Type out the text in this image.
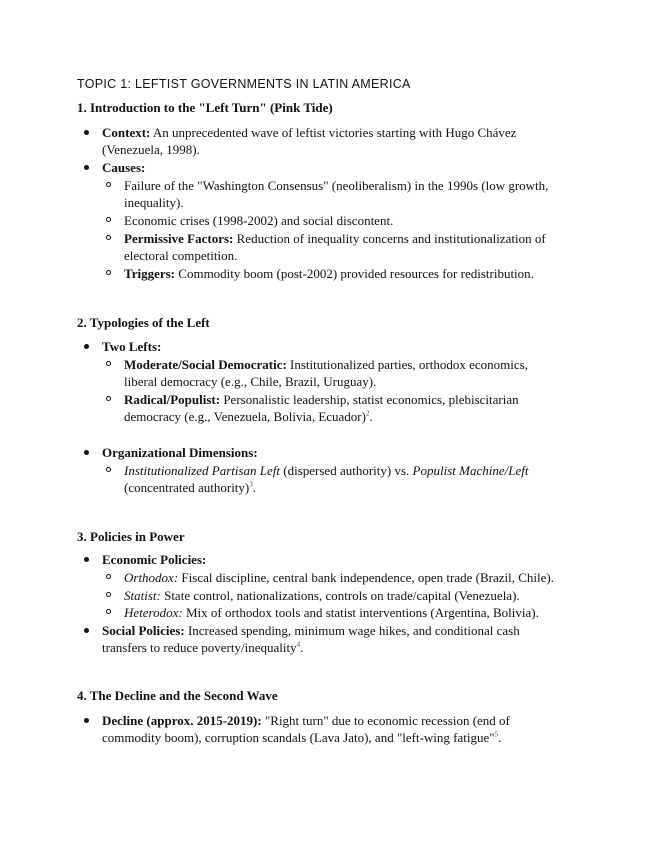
TOPIC 1: LEFTIST GOVERNMENTS IN LATIN AMERICA
1. Introduction to the "Left Turn" (Pink Tide)
Context: An unprecedented wave of leftist victories starting with Hugo Chávez (Venezuela, 1998).
Causes:
Failure of the "Washington Consensus" (neoliberalism) in the 1990s (low growth, inequality).
Economic crises (1998-2002) and social discontent.
Permissive Factors: Reduction of inequality concerns and institutionalization of electoral competition.
Triggers: Commodity boom (post-2002) provided resources for redistribution.
2. Typologies of the Left
Two Lefts:
Moderate/Social Democratic: Institutionalized parties, orthodox economics, liberal democracy (e.g., Chile, Brazil, Uruguay).
Radical/Populist: Personalistic leadership, statist economics, plebiscitarian democracy (e.g., Venezuela, Bolivia, Ecuador)$^2$.
Organizational Dimensions:
Institutionalized Partisan Left (dispersed authority) vs. Populist Machine/Left (concentrated authority)$^3$.
3. Policies in Power
Economic Policies:
Orthodox: Fiscal discipline, central bank independence, open trade (Brazil, Chile).
Statist: State control, nationalizations, controls on trade/capital (Venezuela).
Heterodox: Mix of orthodox tools and statist interventions (Argentina, Bolivia).
Social Policies: Increased spending, minimum wage hikes, and conditional cash transfers to reduce poverty/inequality$^4$.
4. The Decline and the Second Wave
Decline (approx. 2015-2019): "Right turn" due to economic recession (end of commodity boom), corruption scandals (Lava Jato), and "left-wing fatigue"$^5$.
